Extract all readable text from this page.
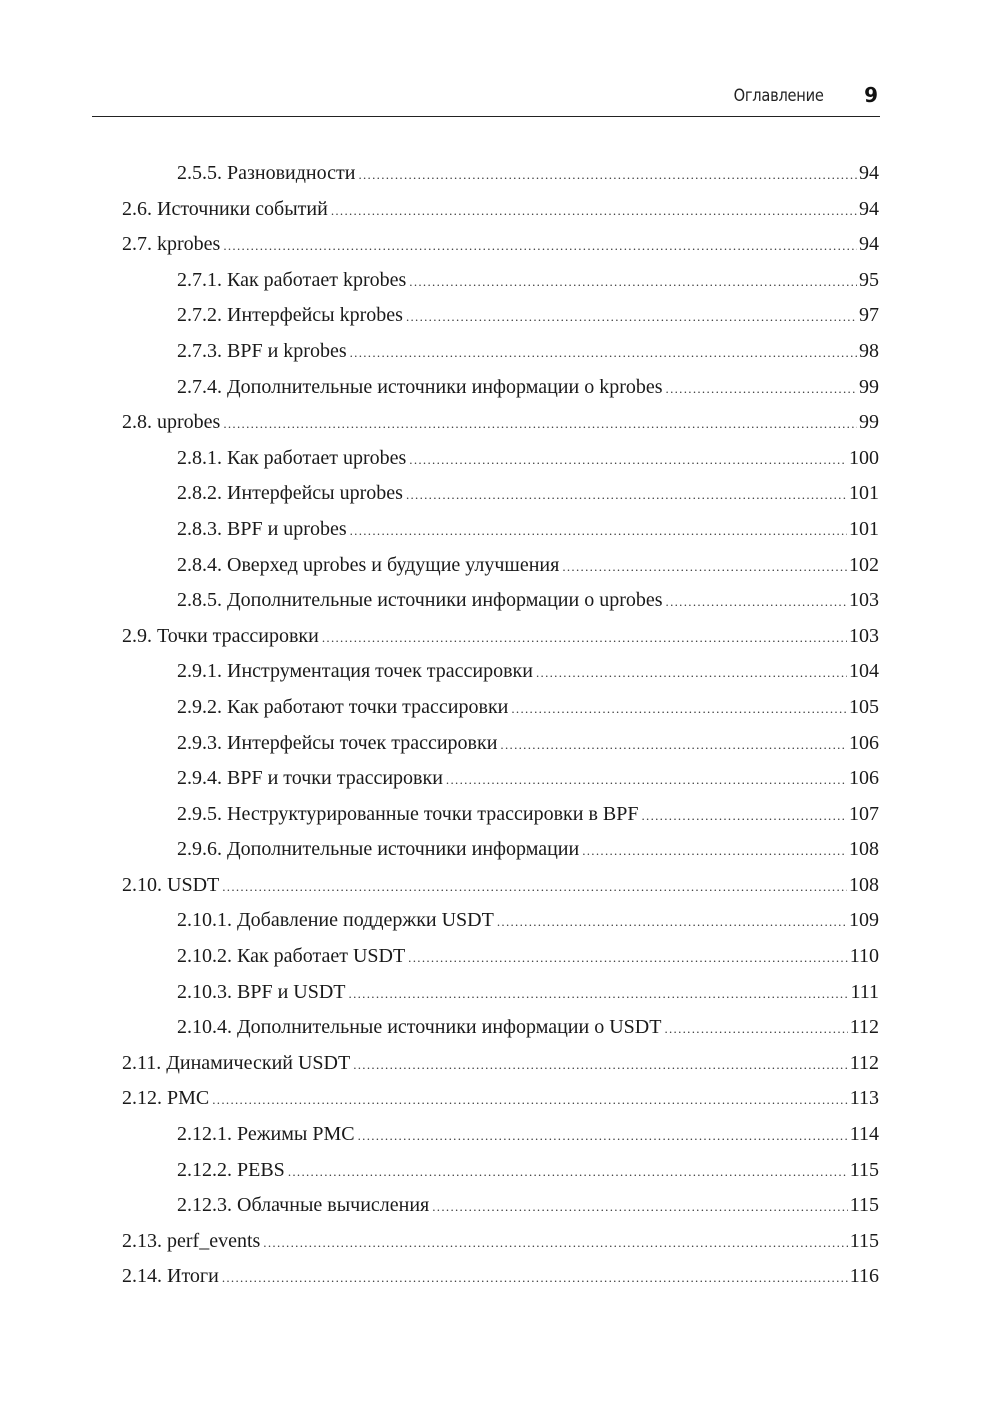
Оглавление 9
2.5.5. Разновидности .....	94
2.6. Источники событий .....	94
2.7. kprobes .....	94
2.7.1. Как работает kprobes .....	95
2.7.2. Интерфейсы kprobes .....	97
2.7.3. BPF и kprobes .....	98
2.7.4. Дополнительные источники информации о kprobes .....	99
2.8. uprobes .....	99
2.8.1. Как работает uprobes .....	100
2.8.2. Интерфейсы uprobes .....	101
2.8.3. BPF и uprobes .....	101
2.8.4. Оверхед uprobes и будущие улучшения .....	102
2.8.5. Дополнительные источники информации о uprobes .....	103
2.9. Точки трассировки .....	103
2.9.1. Инструментация точек трассировки .....	104
2.9.2. Как работают точки трассировки .....	105
2.9.3. Интерфейсы точек трассировки .....	106
2.9.4. BPF и точки трассировки .....	106
2.9.5. Неструктурированные точки трассировки в BPF .....	107
2.9.6. Дополнительные источники информации .....	108
2.10. USDT .....	108
2.10.1. Добавление поддержки USDT .....	109
2.10.2. Как работает USDT .....	110
2.10.3. BPF и USDT .....	111
2.10.4. Дополнительные источники информации о USDT .....	112
2.11. Динамический USDT .....	112
2.12. PMC .....	113
2.12.1. Режимы PMC .....	114
2.12.2. PEBS .....	115
2.12.3. Облачные вычисления .....	115
2.13. perf_events .....	115
2.14. Итоги .....	116
